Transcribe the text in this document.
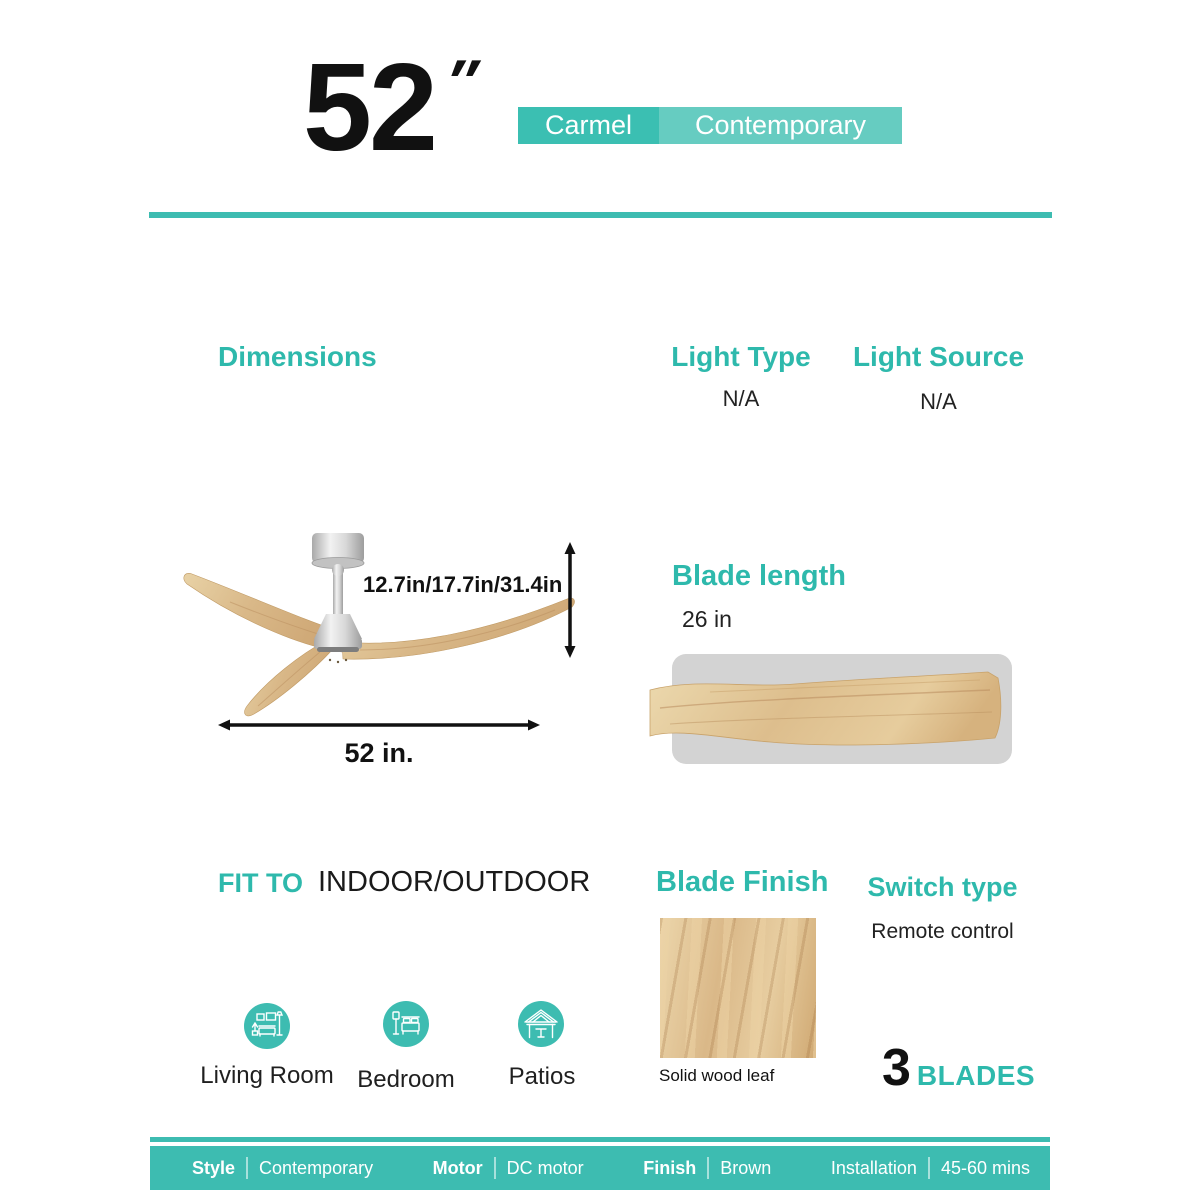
52 ″
Carmel	Contemporary
Dimensions	Light Type	Light Source
N/A	N/A
12.7in/17.7in/31.4in
52 in.
Blade length
26 in
FIT TO INDOOR/OUTDOOR
Living Room Bedroom	Patios
Blade Finish
Solid wood leaf
Switch type
Remote control
3 BLADES
Style Contemporary	Motor DC motor	Finish Brown	Installation 45-60 mins
